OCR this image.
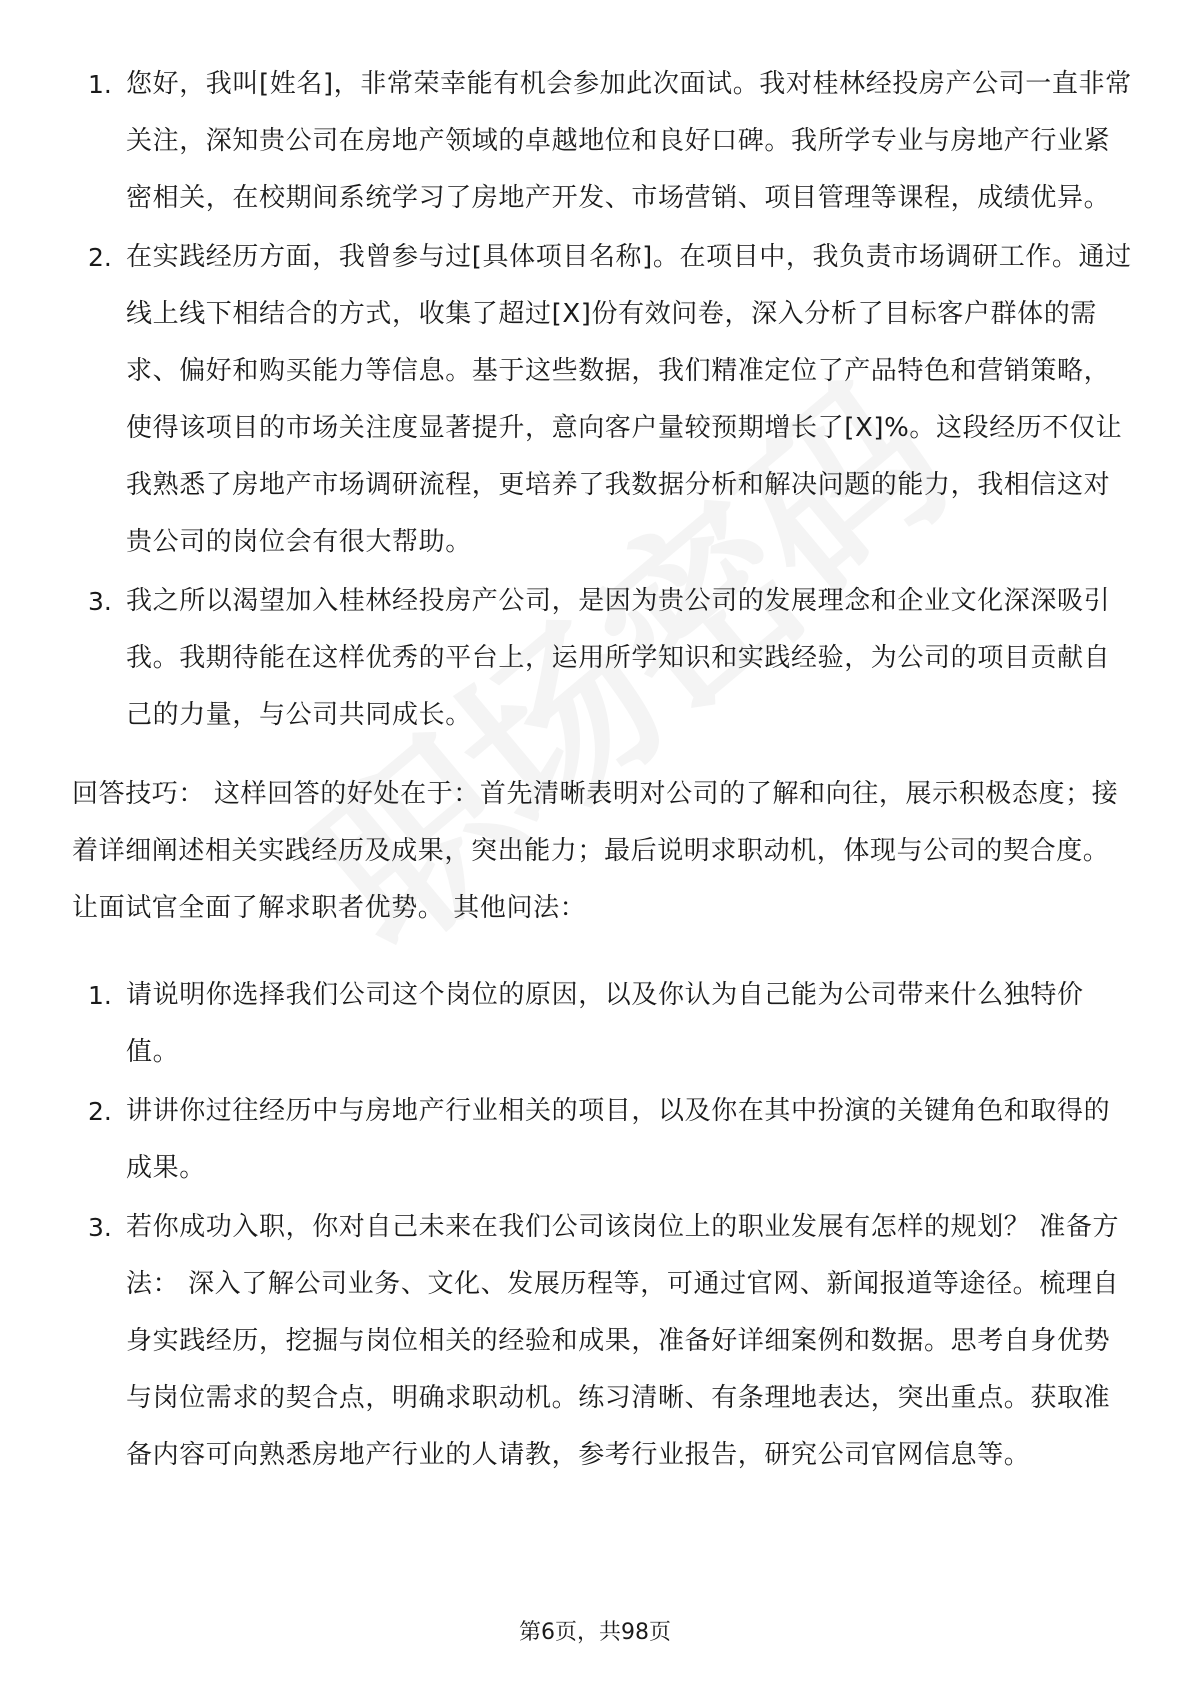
1. 您好，我叫[姓名]，非常荣幸能有机会参加此次面试。我对桂林经投房产公司一直非常关注，深知贵公司在房地产领域的卓越地位和良好口碑。我所学专业与房地产行业紧密相关，在校期间系统学习了房地产开发、市场营销、项目管理等课程，成绩优异。
2. 在实践经历方面，我曾参与过[具体项目名称]。在项目中，我负责市场调研工作。通过线上线下相结合的方式，收集了超过[X]份有效问卷，深入分析了目标客户群体的需求、偏好和购买能力等信息。基于这些数据，我们精准定位了产品特色和营销策略，使得该项目的市场关注度显著提升，意向客户量较预期增长了[X]%。这段经历不仅让我熟悉了房地产市场调研流程，更培养了我数据分析和解决问题的能力，我相信这对贵公司的岗位会有很大帮助。
3. 我之所以渴望加入桂林经投房产公司，是因为贵公司的发展理念和企业文化深深吸引我。我期待能在这样优秀的平台上，运用所学知识和实践经验，为公司的项目贡献自己的力量，与公司共同成长。
回答技巧： 这样回答的好处在于：首先清晰表明对公司的了解和向往，展示积极态度；接着详细阐述相关实践经历及成果，突出能力；最后说明求职动机，体现与公司的契合度。让面试官全面了解求职者优势。 其他问法：
1. 请说明你选择我们公司这个岗位的原因，以及你认为自己能为公司带来什么独特价值。
2. 讲讲你过往经历中与房地产行业相关的项目，以及你在其中扮演的关键角色和取得的成果。
3. 若你成功入职，你对自己未来在我们公司该岗位上的职业发展有怎样的规划？ 准备方法： 深入了解公司业务、文化、发展历程等，可通过官网、新闻报道等途径。梳理自身实践经历，挖掘与岗位相关的经验和成果，准备好详细案例和数据。思考自身优势与岗位需求的契合点，明确求职动机。练习清晰、有条理地表达，突出重点。获取准备内容可向熟悉房地产行业的人请教，参考行业报告，研究公司官网信息等。
第6页，共98页
